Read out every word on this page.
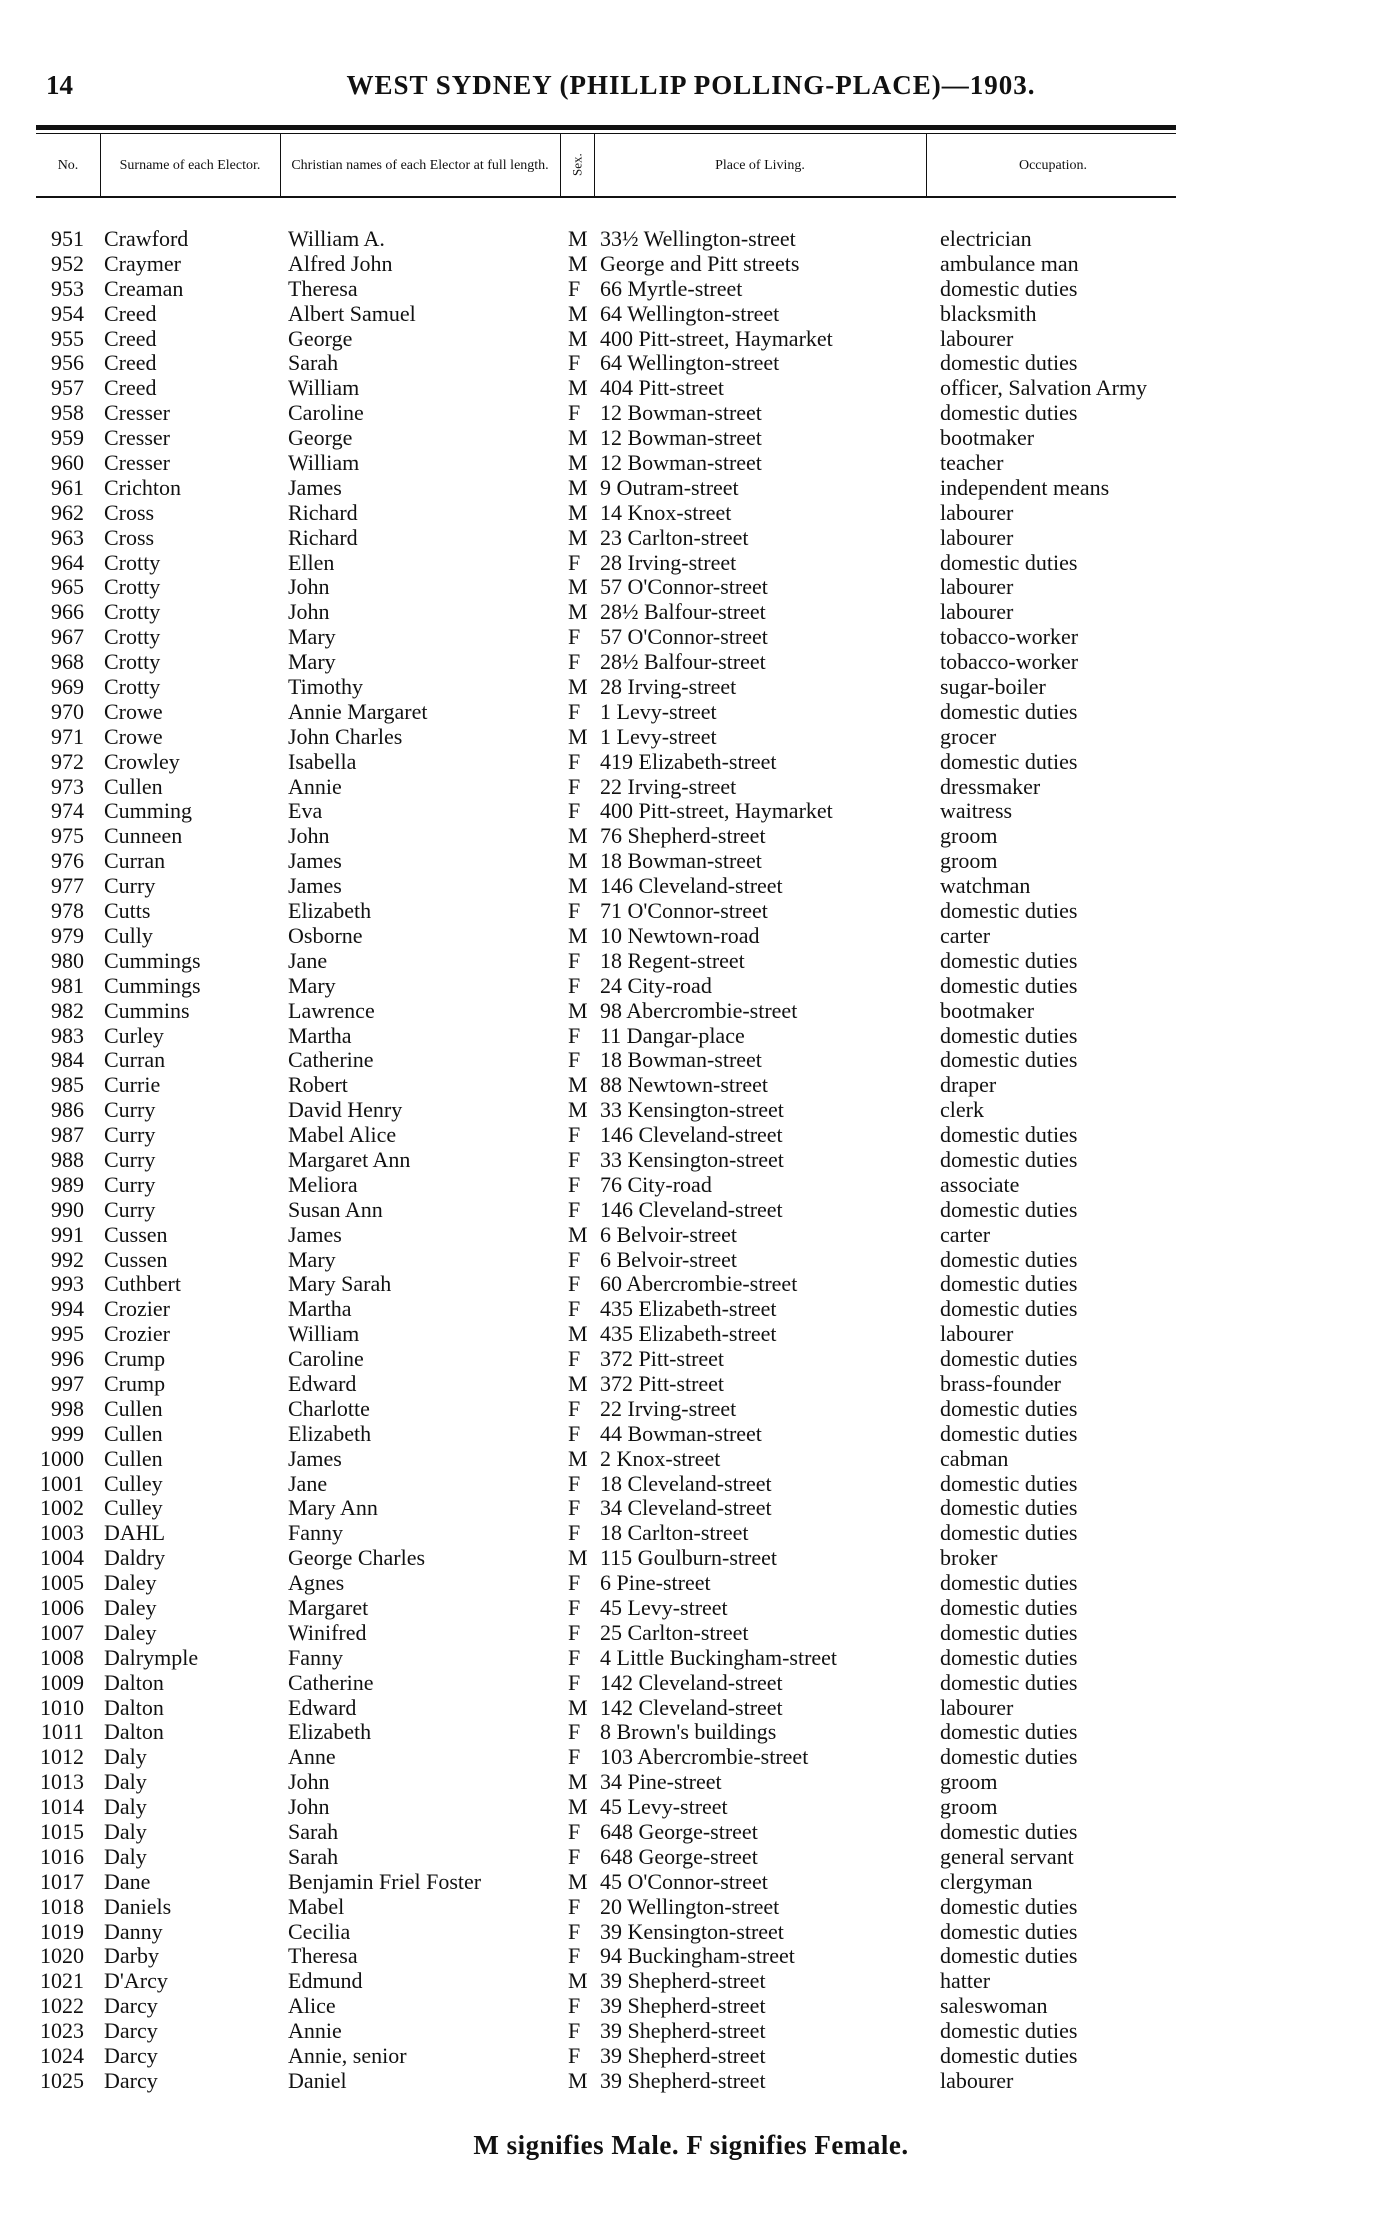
14	WEST SYDNEY (PHILLIP POLLING-PLACE)—1903.
No.	Surname of each Elector.	Christian names of each Elector at full length.	Sex.	Place of Living.	Occupation.
951 Crawford	William A.	M 33½ Wellington-street	electrician
952 Craymer	Alfred John	M George and Pitt streets	ambulance man
953 Creaman	Theresa	F 66 Myrtle-street	domestic duties
954 Creed	Albert Samuel	M 64 Wellington-street	blacksmith
955 Creed	George	M 400 Pitt-street, Haymarket	labourer
956 Creed	Sarah	F 64 Wellington-street	domestic duties
957 Creed	William	M 404 Pitt-street	officer, Salvation Army
958 Cresser	Caroline	F 12 Bowman-street	domestic duties
959 Cresser	George	M 12 Bowman-street	bootmaker
960 Cresser	William	M 12 Bowman-street	teacher
961 Crichton	James	M 9 Outram-street	independent means
962 Cross	Richard	M 14 Knox-street	labourer
963 Cross	Richard	M 23 Carlton-street	labourer
964 Crotty	Ellen	F 28 Irving-street	domestic duties
965 Crotty	John	M 57 O'Connor-street	labourer
966 Crotty	John	M 28½ Balfour-street	labourer
967 Crotty	Mary	F 57 O'Connor-street	tobacco-worker
968 Crotty	Mary	F 28½ Balfour-street	tobacco-worker
969 Crotty	Timothy	M 28 Irving-street	sugar-boiler
970 Crowe	Annie Margaret	F 1 Levy-street	domestic duties
971 Crowe	John Charles	M 1 Levy-street	grocer
972 Crowley	Isabella	F 419 Elizabeth-street	domestic duties
973 Cullen	Annie	F 22 Irving-street	dressmaker
974 Cumming	Eva	F 400 Pitt-street, Haymarket	waitress
975 Cunneen	John	M 76 Shepherd-street	groom
976 Curran	James	M 18 Bowman-street	groom
977 Curry	James	M 146 Cleveland-street	watchman
978 Cutts	Elizabeth	F 71 O'Connor-street	domestic duties
979 Cully	Osborne	M 10 Newtown-road	carter
980 Cummings	Jane	F 18 Regent-street	domestic duties
981 Cummings	Mary	F 24 City-road	domestic duties
982 Cummins	Lawrence	M 98 Abercrombie-street	bootmaker
983 Curley	Martha	F 11 Dangar-place	domestic duties
984 Curran	Catherine	F 18 Bowman-street	domestic duties
985 Currie	Robert	M 88 Newtown-street	draper
986 Curry	David Henry	M 33 Kensington-street	clerk
987 Curry	Mabel Alice	F 146 Cleveland-street	domestic duties
988 Curry	Margaret Ann	F 33 Kensington-street	domestic duties
989 Curry	Meliora	F 76 City-road	associate
990 Curry	Susan Ann	F 146 Cleveland-street	domestic duties
991 Cussen	James	M 6 Belvoir-street	carter
992 Cussen	Mary	F 6 Belvoir-street	domestic duties
993 Cuthbert	Mary Sarah	F 60 Abercrombie-street	domestic duties
994 Crozier	Martha	F 435 Elizabeth-street	domestic duties
995 Crozier	William	M 435 Elizabeth-street	labourer
996 Crump	Caroline	F 372 Pitt-street	domestic duties
997 Crump	Edward	M 372 Pitt-street	brass-founder
998 Cullen	Charlotte	F 22 Irving-street	domestic duties
999 Cullen	Elizabeth	F 44 Bowman-street	domestic duties
1000 Cullen	James	M 2 Knox-street	cabman
1001 Culley	Jane	F 18 Cleveland-street	domestic duties
1002 Culley	Mary Ann	F 34 Cleveland-street	domestic duties
1003 DAHL	Fanny	F 18 Carlton-street	domestic duties
1004 Daldry	George Charles	M 115 Goulburn-street	broker
1005 Daley	Agnes	F 6 Pine-street	domestic duties
1006 Daley	Margaret	F 45 Levy-street	domestic duties
1007 Daley	Winifred	F 25 Carlton-street	domestic duties
1008 Dalrymple	Fanny	F 4 Little Buckingham-street	domestic duties
1009 Dalton	Catherine	F 142 Cleveland-street	domestic duties
1010 Dalton	Edward	M 142 Cleveland-street	labourer
1011 Dalton	Elizabeth	F 8 Brown's buildings	domestic duties
1012 Daly	Anne	F 103 Abercrombie-street	domestic duties
1013 Daly	John	M 34 Pine-street	groom
1014 Daly	John	M 45 Levy-street	groom
1015 Daly	Sarah	F 648 George-street	domestic duties
1016 Daly	Sarah	F 648 George-street	general servant
1017 Dane	Benjamin Friel Foster	M 45 O'Connor-street	clergyman
1018 Daniels	Mabel	F 20 Wellington-street	domestic duties
1019 Danny	Cecilia	F 39 Kensington-street	domestic duties
1020 Darby	Theresa	F 94 Buckingham-street	domestic duties
1021 D'Arcy	Edmund	M 39 Shepherd-street	hatter
1022 Darcy	Alice	F 39 Shepherd-street	saleswoman
1023 Darcy	Annie	F 39 Shepherd-street	domestic duties
1024 Darcy	Annie, senior	F 39 Shepherd-street	domestic duties
1025 Darcy	Daniel	M 39 Shepherd-street	labourer
M signifies Male. F signifies Female.
